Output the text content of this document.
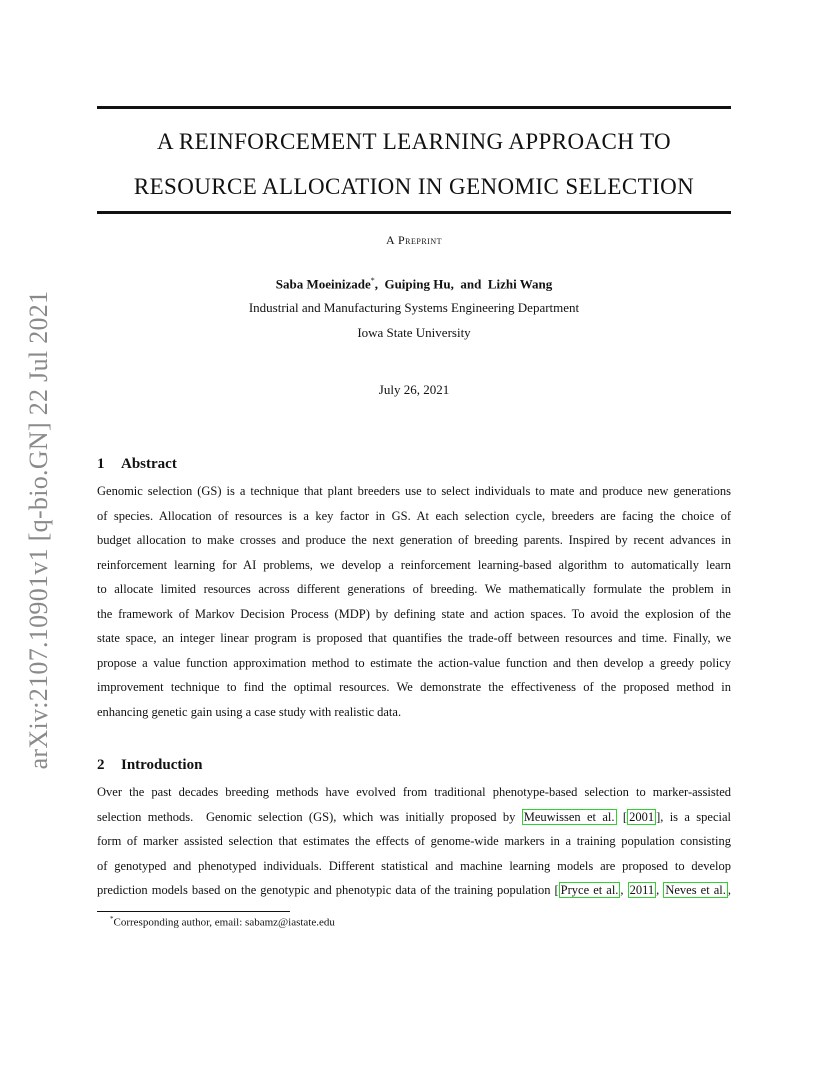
arXiv:2107.10901v1 [q-bio.GN] 22 Jul 2021
A REINFORCEMENT LEARNING APPROACH TO
RESOURCE ALLOCATION IN GENOMIC SELECTION
A Preprint
Saba Moeinizade*,  Guiping Hu,  and  Lizhi Wang
Industrial and Manufacturing Systems Engineering Department
Iowa State University
July 26, 2021
1 Abstract
Genomic selection (GS) is a technique that plant breeders use to select individuals to mate and produce new generations
of species. Allocation of resources is a key factor in GS. At each selection cycle, breeders are facing the choice of
budget allocation to make crosses and produce the next generation of breeding parents. Inspired by recent advances in
reinforcement learning for AI problems, we develop a reinforcement learning-based algorithm to automatically learn
to allocate limited resources across different generations of breeding. We mathematically formulate the problem in
the framework of Markov Decision Process (MDP) by defining state and action spaces. To avoid the explosion of the
state space, an integer linear program is proposed that quantifies the trade-off between resources and time. Finally, we
propose a value function approximation method to estimate the action-value function and then develop a greedy policy
improvement technique to find the optimal resources. We demonstrate the effectiveness of the proposed method in
enhancing genetic gain using a case study with realistic data.
2 Introduction
Over the past decades breeding methods have evolved from traditional phenotype-based selection to marker-assisted
selection methods.  Genomic selection (GS), which was initially proposed by Meuwissen et al. [ 2001 ], is a special
form of marker assisted selection that estimates the effects of genome-wide markers in a training population consisting
of genotyped and phenotyped individuals. Different statistical and machine learning models are proposed to develop
prediction models based on the genotypic and phenotypic data of the training population [ Pryce et al. , 2011 , Neves et al. ,
*Corresponding author, email: sabamz@iastate.edu
